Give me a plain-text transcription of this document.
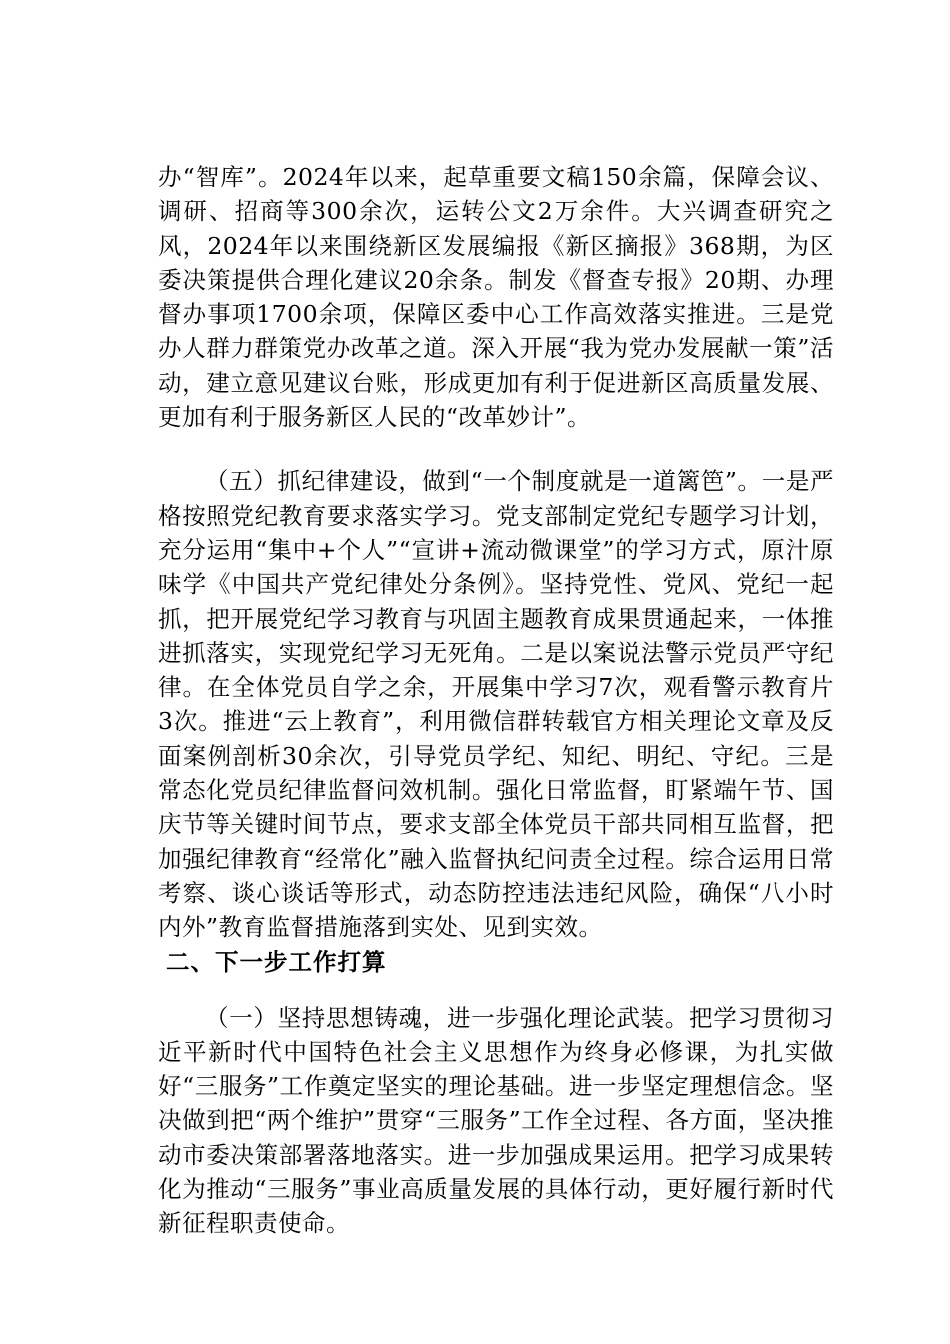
办“智库”。2024年以来，起草重要文稿150余篇，保障会议、调研、招商等300余次，运转公文2万余件。大兴调查研究之风，2024年以来围绕新区发展编报《新区摘报》368期，为区委决策提供合理化建议20余条。制发《督查专报》20期、办理督办事项1700余项，保障区委中心工作高效落实推进。三是党办人群力群策党办改革之道。深入开展“我为党办发展献一策”活动，建立意见建议台账，形成更加有利于促进新区高质量发展、更加有利于服务新区人民的“改革妙计”。

（五）抓纪律建设，做到“一个制度就是一道篱笆”。一是严格按照党纪教育要求落实学习。党支部制定党纪专题学习计划，充分运用“集中+个人”“宣讲+流动微课堂”的学习方式，原汁原味学《中国共产党纪律处分条例》。坚持党性、党风、党纪一起抓，把开展党纪学习教育与巩固主题教育成果贯通起来，一体推进抓落实，实现党纪学习无死角。二是以案说法警示党员严守纪律。在全体党员自学之余，开展集中学习7次，观看警示教育片3次。推进“云上教育”，利用微信群转载官方相关理论文章及反面案例剖析30余次，引导党员学纪、知纪、明纪、守纪。三是常态化党员纪律监督问效机制。强化日常监督，盯紧端午节、国庆节等关键时间节点，要求支部全体党员干部共同相互监督，把加强纪律教育“经常化”融入监督执纪问责全过程。综合运用日常考察、谈心谈话等形式，动态防控违法违纪风险，确保“八小时内外”教育监督措施落到实处、见到实效。

二、下一步工作打算

（一）坚持思想铸魂，进一步强化理论武装。把学习贯彻习近平新时代中国特色社会主义思想作为终身必修课，为扎实做好“三服务”工作奠定坚实的理论基础。进一步坚定理想信念。坚决做到把“两个维护”贯穿“三服务”工作全过程、各方面，坚决推动市委决策部署落地落实。进一步加强成果运用。把学习成果转化为推动“三服务”事业高质量发展的具体行动，更好履行新时代新征程职责使命。
